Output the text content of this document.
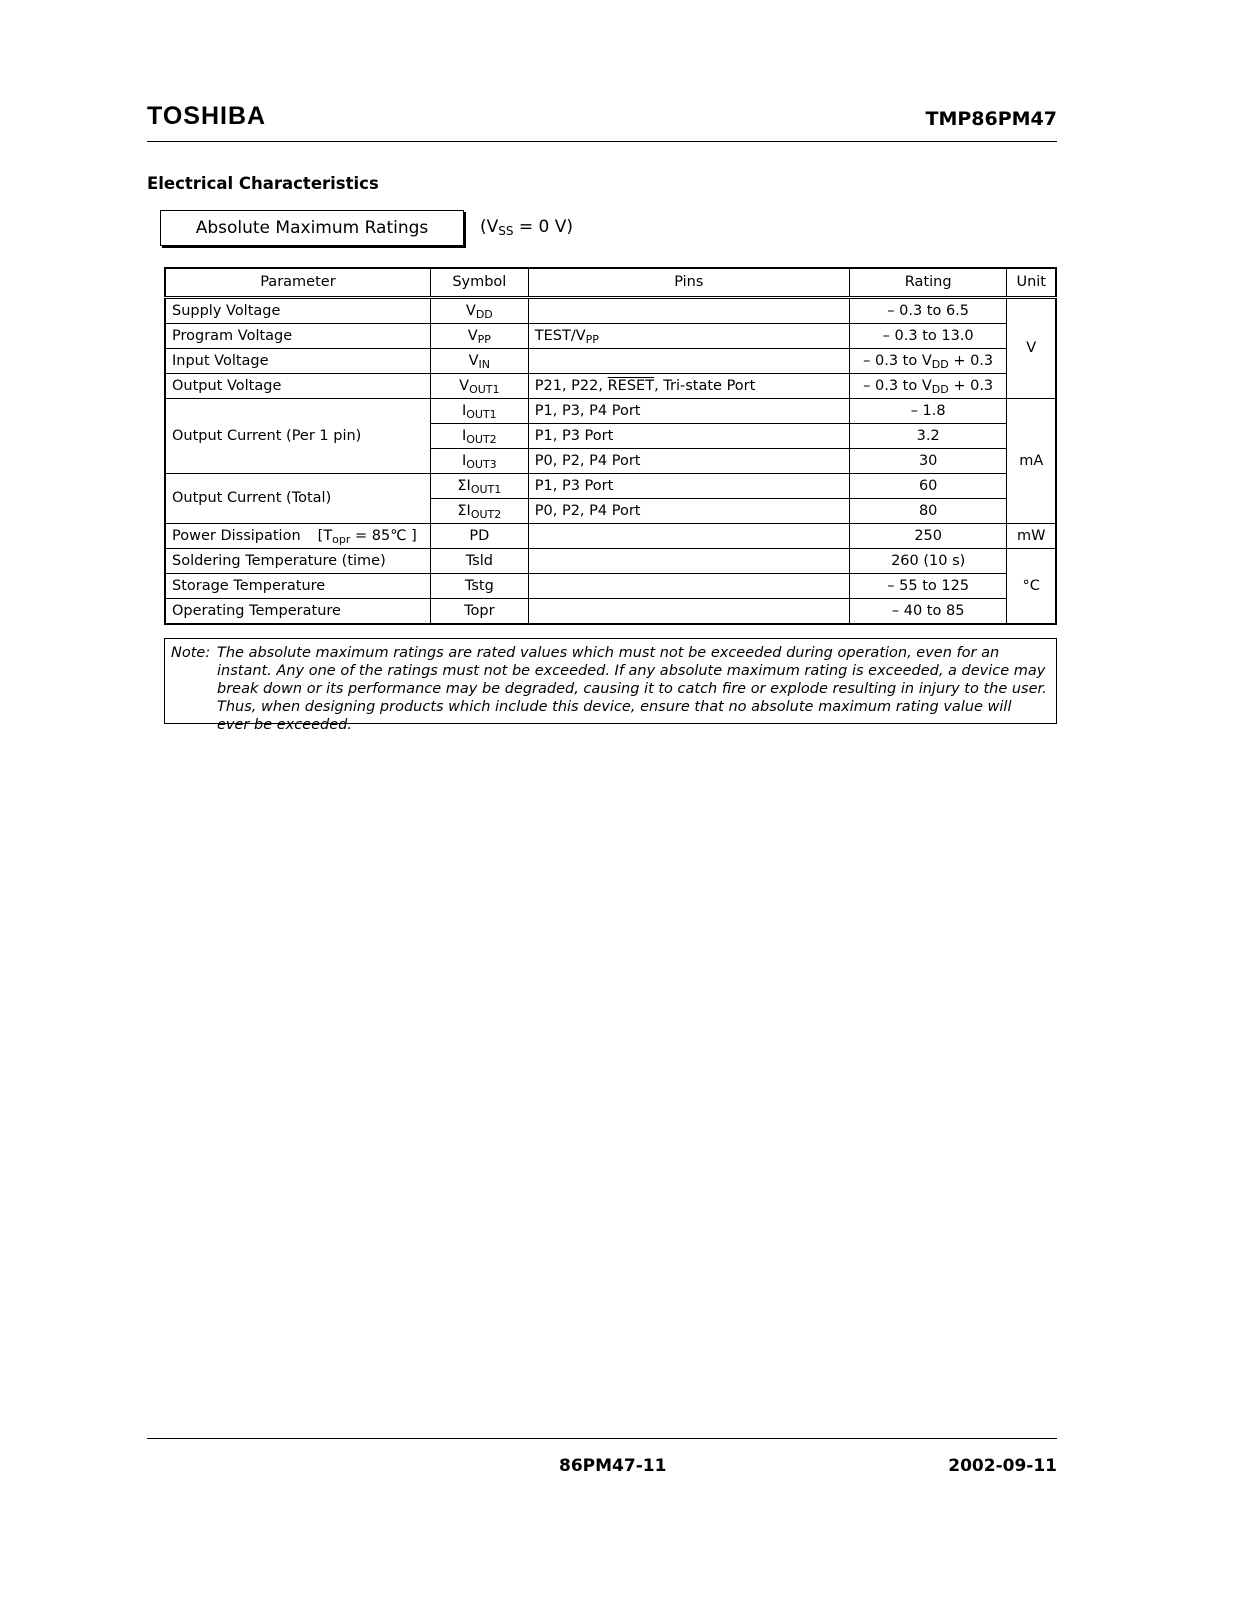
TOSHIBA	TMP86PM47
Electrical Characteristics
Absolute Maximum Ratings	($V_{SS} = 0$ V)
Parameter	Symbol	Pins	Rating	Unit
Supply Voltage	$V_{DD}$		– 0.3 to 6.5	V
Program Voltage	$V_{PP}$	TEST/$V_{PP}$	– 0.3 to 13.0	
Input Voltage	$V_{IN}$		– 0.3 to $V_{DD} + 0.3$	
Output Voltage	$V_{OUT1}$	P21, P22, RESET, Tri-state Port	– 0.3 to $V_{DD} + 0.3$	
Output Current (Per 1 pin)	$I_{OUT1}$	P1, P3, P4 Port	– 1.8	mA
	$I_{OUT2}$	P1, P3 Port	3.2	
	$I_{OUT3}$	P0, P2, P4 Port	30	
Output Current (Total)	$\Sigma I_{OUT1}$	P1, P3 Port	60	
	$\Sigma I_{OUT2}$	P0, P2, P4 Port	80	
Power Dissipation [$T_{opr}$ = 85℃ ]	PD		250	mW
Soldering Temperature (time)	Tsld		260 (10 s)	°C
Storage Temperature	Tstg		– 55 to 125	
Operating Temperature	Topr		– 40 to 85	
Note: The absolute maximum ratings are rated values which must not be exceeded during operation, even for an instant. Any one of the ratings must not be exceeded. If any absolute maximum rating is exceeded, a device may break down or its performance may be degraded, causing it to catch fire or explode resulting in injury to the user. Thus, when designing products which include this device, ensure that no absolute maximum rating value will ever be exceeded.
86PM47-11	2002-09-11
